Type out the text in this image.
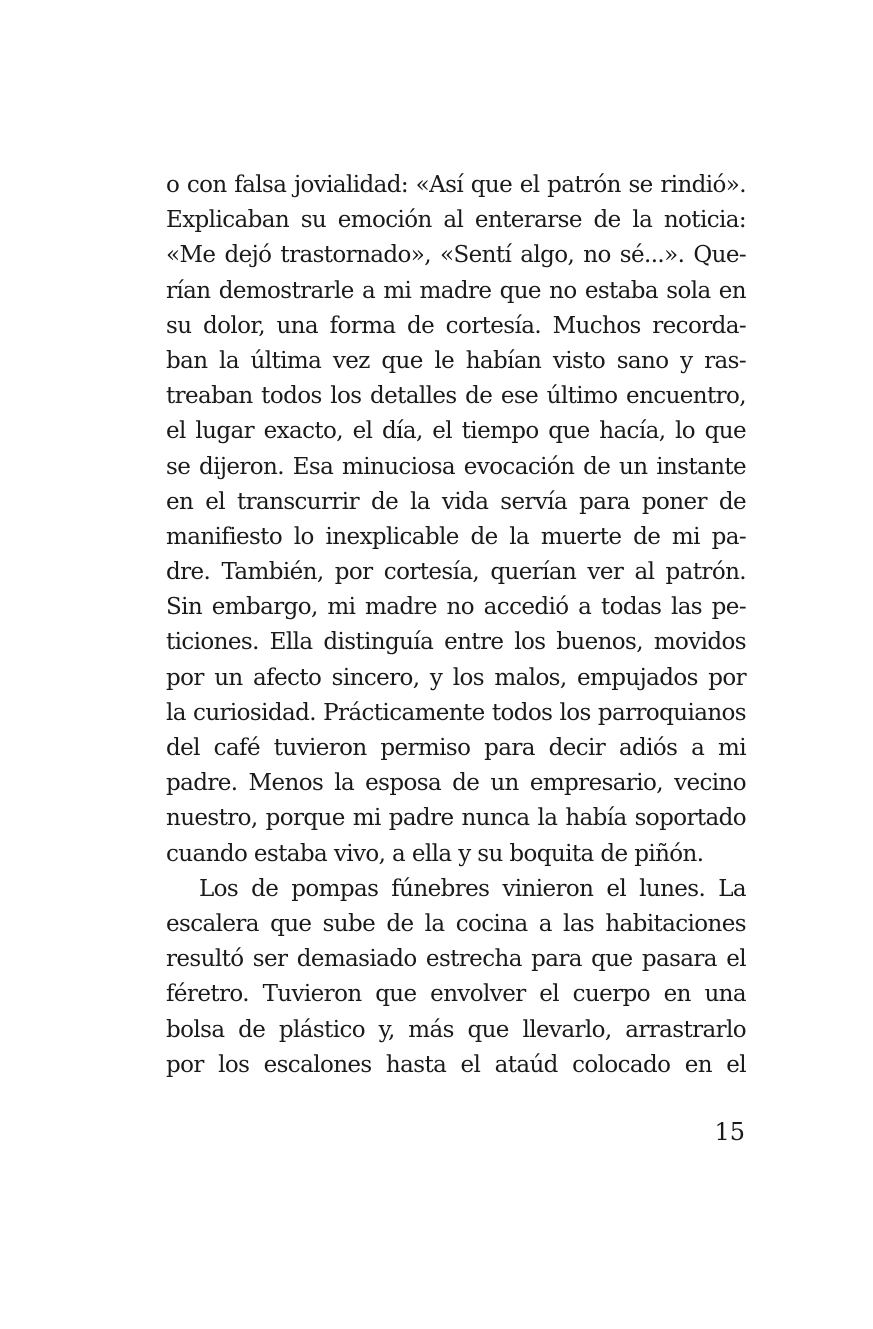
o con falsa jovialidad: «Así que el patrón se rindió».
Explicaban su emoción al enterarse de la noticia:
«Me dejó trastornado», «Sentí algo, no sé...». Que-
rían demostrarle a mi madre que no estaba sola en
su dolor, una forma de cortesía. Muchos recorda-
ban la última vez que le habían visto sano y ras-
treaban todos los detalles de ese último encuentro,
el lugar exacto, el día, el tiempo que hacía, lo que
se dijeron. Esa minuciosa evocación de un instante
en el transcurrir de la vida servía para poner de
manifiesto lo inexplicable de la muerte de mi pa-
dre. También, por cortesía, querían ver al patrón.
Sin embargo, mi madre no accedió a todas las pe-
ticiones. Ella distinguía entre los buenos, movidos
por un afecto sincero, y los malos, empujados por
la curiosidad. Prácticamente todos los parroquianos
del café tuvieron permiso para decir adiós a mi
padre. Menos la esposa de un empresario, vecino
nuestro, porque mi padre nunca la había soportado
cuando estaba vivo, a ella y su boquita de piñón.
Los de pompas fúnebres vinieron el lunes. La
escalera que sube de la cocina a las habitaciones
resultó ser demasiado estrecha para que pasara el
féretro. Tuvieron que envolver el cuerpo en una
bolsa de plástico y, más que llevarlo, arrastrarlo
por los escalones hasta el ataúd colocado en el
15
